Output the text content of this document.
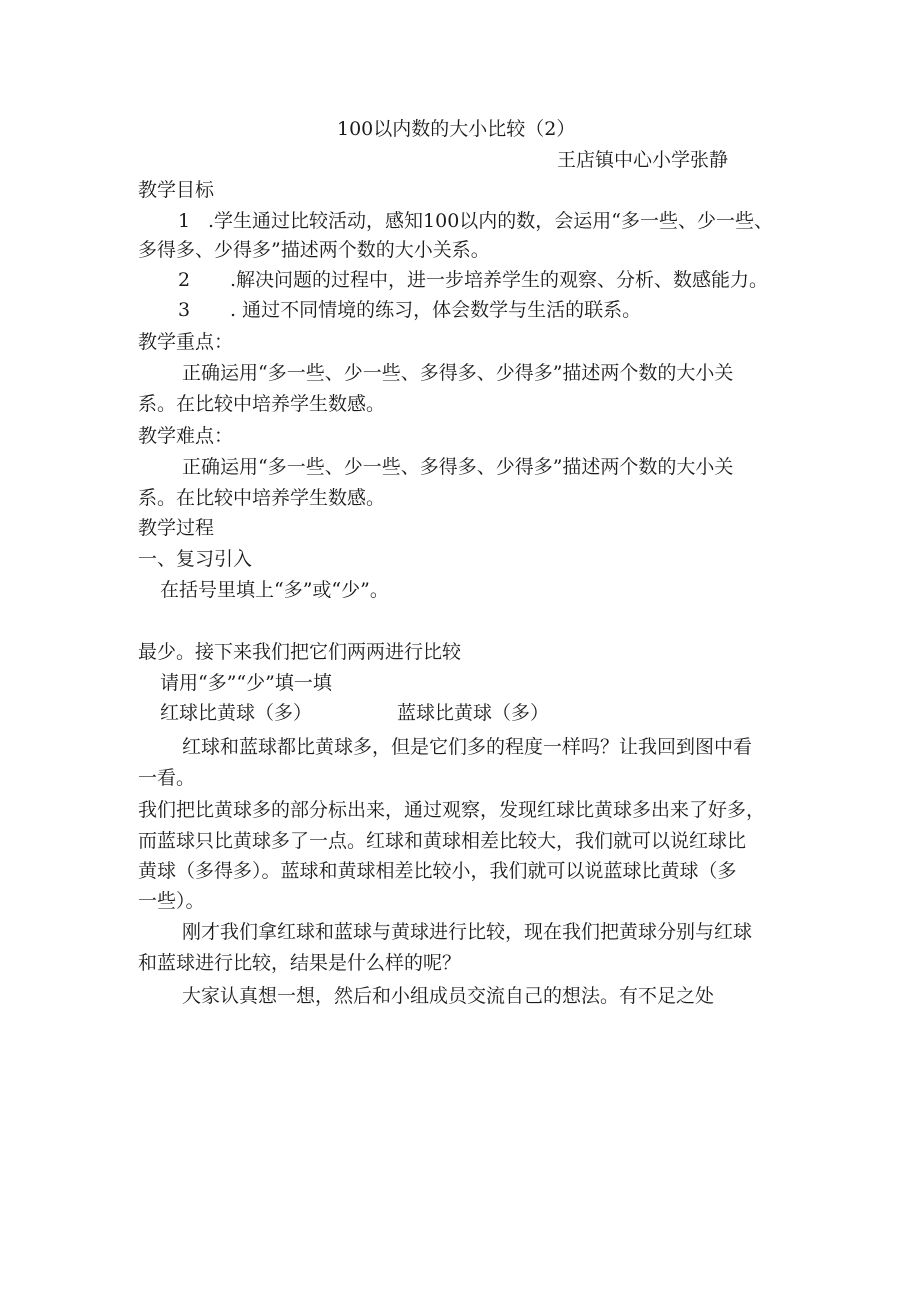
100以内数的大小比较（2）
王店镇中心小学张静
教学目标
1 .学生通过比较活动，感知100以内的数，会运用“多一些、少一些、
多得多、少得多”描述两个数的大小关系。
2 .解决问题的过程中，进一步培养学生的观察、分析、数感能力。
3 . 通过不同情境的练习，体会数学与生活的联系。
教学重点：
正确运用“多一些、少一些、多得多、少得多”描述两个数的大小关
系。在比较中培养学生数感。
教学难点：
正确运用“多一些、少一些、多得多、少得多”描述两个数的大小关
系。在比较中培养学生数感。
教学过程
一、复习引入
在括号里填上“多”或“少”。
最少。接下来我们把它们两两进行比较
请用“多”“少”填一填
红球比黄球（多）	蓝球比黄球（多）
红球和蓝球都比黄球多，但是它们多的程度一样吗？让我回到图中看
一看。
我们把比黄球多的部分标出来，通过观察，发现红球比黄球多出来了好多，
而蓝球只比黄球多了一点。红球和黄球相差比较大，我们就可以说红球比
黄球（多得多）。蓝球和黄球相差比较小，我们就可以说蓝球比黄球（多
一些）。
刚才我们拿红球和蓝球与黄球进行比较，现在我们把黄球分别与红球
和蓝球进行比较，结果是什么样的呢？
大家认真想一想，然后和小组成员交流自己的想法。有不足之处
